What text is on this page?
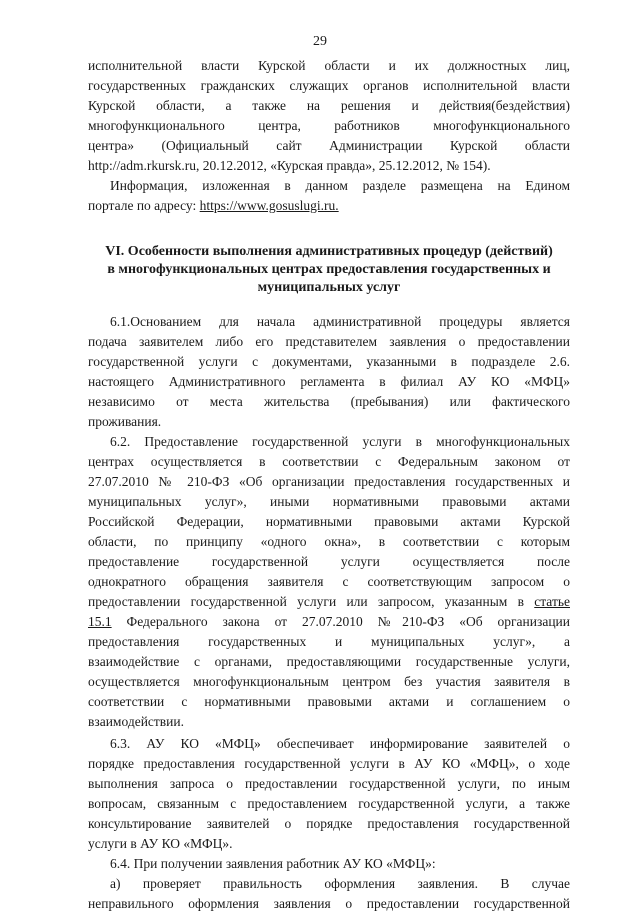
29
исполнительной власти Курской области и их должностных лиц,
государственных гражданских служащих органов исполнительной власти
Курской области, а также на решения и действия(бездействия)
многофункционального центра, работников многофункционального
центра» (Официальный сайт Администрации Курской области
http://adm.rkursk.ru, 20.12.2012, «Курская правда», 25.12.2012, № 154).
Информация, изложенная в данном разделе размещена на Едином
портале по адресу: https://www.gosuslugi.ru.
VI. Особенности выполнения административных процедур (действий)
в многофункциональных центрах предоставления государственных и
муниципальных услуг
6.1.Основанием для начала административной процедуры является
подача заявителем либо его представителем заявления о предоставлении
государственной услуги с документами, указанными в подразделе 2.6.
настоящего Административного регламента в филиал АУ КО «МФЦ»
независимо от места жительства (пребывания) или фактического
проживания.
6.2. Предоставление государственной услуги в многофункциональных
центрах осуществляется в соответствии с Федеральным законом от
27.07.2010 № 210-ФЗ «Об организации предоставления государственных и
муниципальных услуг», иными нормативными правовыми актами
Российской Федерации, нормативными правовыми актами Курской
области, по принципу «одного окна», в соответствии с которым
предоставление государственной услуги осуществляется после
однократного обращения заявителя с соответствующим запросом о
предоставлении государственной услуги или запросом, указанным в статье
15.1 Федерального закона от 27.07.2010 №210-ФЗ «Об организации
предоставления государственных и муниципальных услуг», а
взаимодействие с органами, предоставляющими государственные услуги,
осуществляется многофункциональным центром без участия заявителя в
соответствии с нормативными правовыми актами и соглашением о
взаимодействии.
6.3. АУ КО «МФЦ» обеспечивает информирование заявителей о
порядке предоставления государственной услуги в АУ КО «МФЦ», о ходе
выполнения запроса о предоставлении государственной услуги, по иным
вопросам, связанным с предоставлением государственной услуги, а также
консультирование заявителей о порядке предоставления государственной
услуги в АУ КО «МФЦ».
6.4. При получении заявления работник АУ КО «МФЦ»:
а) проверяет правильность оформления заявления. В случае
неправильного оформления заявления о предоставлении государственной
